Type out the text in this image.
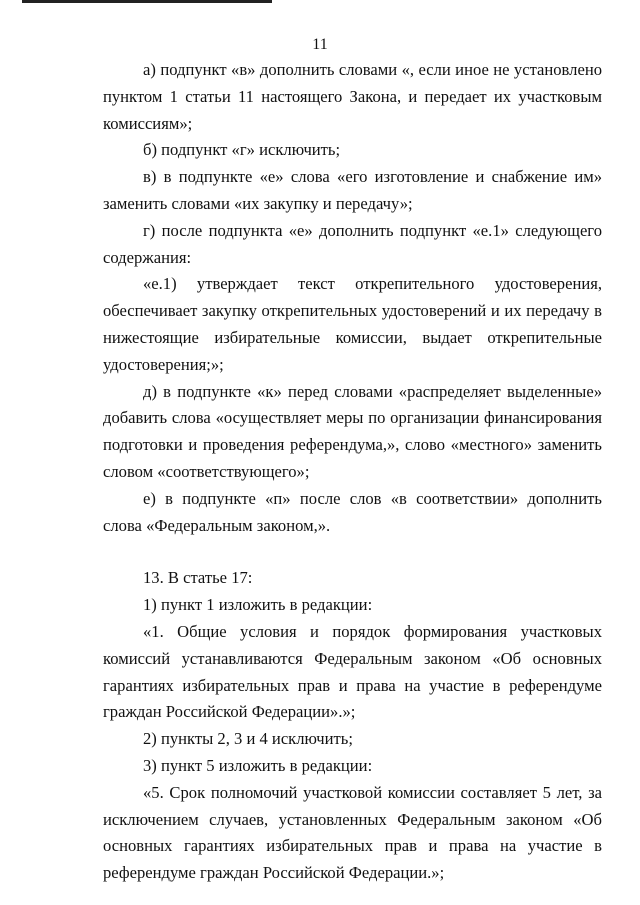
11

а) подпункт «в» дополнить словами «, если иное не установлено пунктом 1 статьи 11 настоящего Закона, и передает их участковым комиссиям»;

б) подпункт «г» исключить;

в) в подпункте «е» слова «его изготовление и снабжение им» заменить словами «их закупку и передачу»;

г) после подпункта «е» дополнить подпункт «е.1» следующего содержания:

«е.1) утверждает текст открепительного удостоверения, обеспечивает закупку открепительных удостоверений и их передачу в нижестоящие избирательные комиссии, выдает открепительные удостоверения;»;

д) в подпункте «к» перед словами «распределяет выделенные» добавить слова «осуществляет меры по организации финансирования подготовки и проведения референдума,», слово «местного» заменить словом «соответствующего»;

е) в подпункте «п» после слов «в соответствии» дополнить слова «Федеральным законом,».

13. В статье 17:

1) пункт 1 изложить в редакции:

«1. Общие условия и порядок формирования участковых комиссий устанавливаются Федеральным законом «Об основных гарантиях избирательных прав и права на участие в референдуме граждан Российской Федерации».»;

2) пункты 2, 3 и 4 исключить;

3) пункт 5 изложить в редакции:

«5. Срок полномочий участковой комиссии составляет 5 лет, за исключением случаев, установленных Федеральным законом «Об основных гарантиях избирательных прав и права на участие в референдуме граждан Российской Федерации.»;
